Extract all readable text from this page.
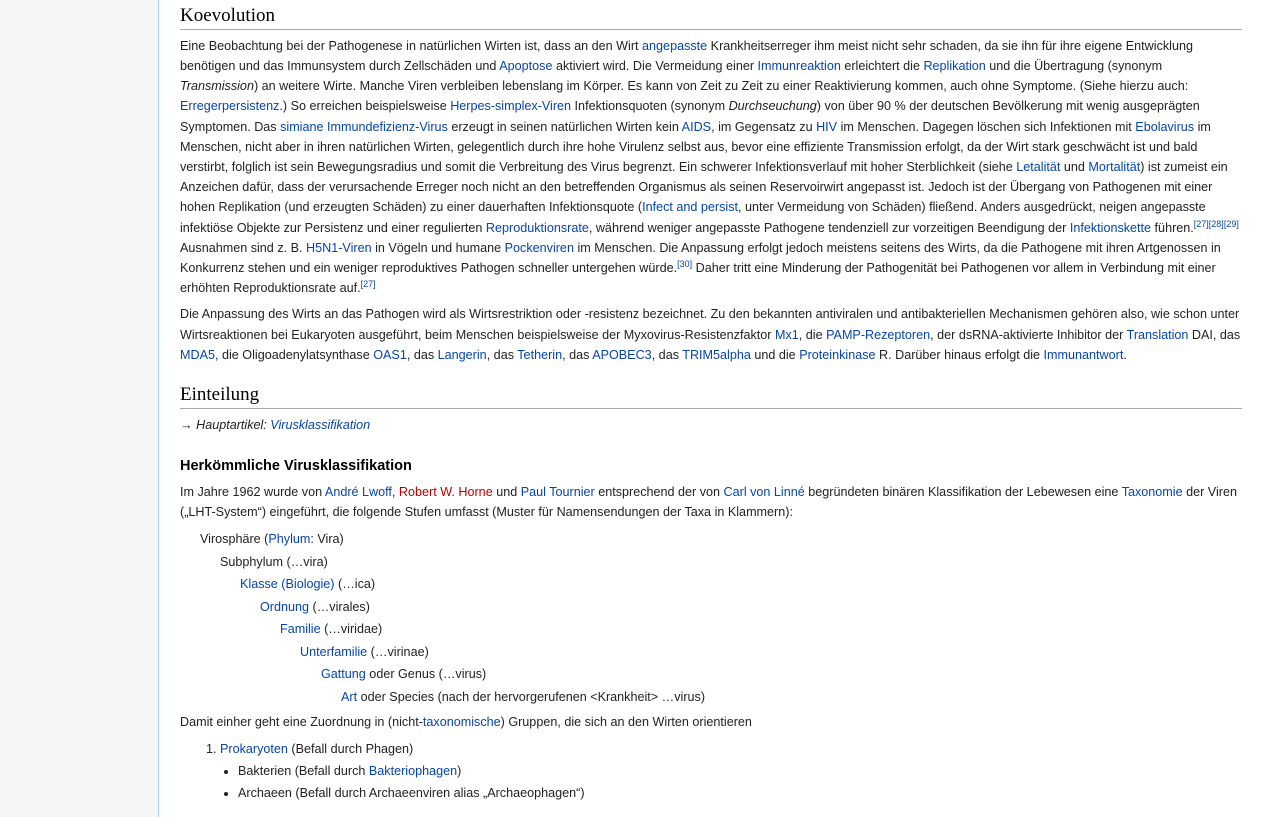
Koevolution

Eine Beobachtung bei der Pathogenese in natürlichen Wirten ist, dass an den Wirt angepasste Krankheitserreger ihm meist nicht sehr schaden, da sie ihn für ihre eigene Entwicklung benötigen und das Immunsystem durch Zellschäden und Apoptose aktiviert wird. Die Vermeidung einer Immunreaktion erleichtert die Replikation und die Übertragung (synonym Transmission) an weitere Wirte. Manche Viren verbleiben lebenslang im Körper. Es kann von Zeit zu Zeit zu einer Reaktivierung kommen, auch ohne Symptome. (Siehe hierzu auch: Erregerpersistenz.) So erreichen beispielsweise Herpes-simplex-Viren Infektionsquoten (synonym Durchseuchung) von über 90 % der deutschen Bevölkerung mit wenig ausgeprägten Symptomen. Das simiane Immundefizienz-Virus erzeugt in seinen natürlichen Wirten kein AIDS, im Gegensatz zu HIV im Menschen. Dagegen löschen sich Infektionen mit Ebolavirus im Menschen, nicht aber in ihren natürlichen Wirten, gelegentlich durch ihre hohe Virulenz selbst aus, bevor eine effiziente Transmission erfolgt, da der Wirt stark geschwächt ist und bald verstirbt, folglich ist sein Bewegungsradius und somit die Verbreitung des Virus begrenzt. Ein schwerer Infektionsverlauf mit hoher Sterblichkeit (siehe Letalität und Mortalität) ist zumeist ein Anzeichen dafür, dass der verursachende Erreger noch nicht an den betreffenden Organismus als seinen Reservoirwirt angepasst ist. Jedoch ist der Übergang von Pathogenen mit einer hohen Replikation (und erzeugten Schäden) zu einer dauerhaften Infektionsquote (Infect and persist, unter Vermeidung von Schäden) fließend. Anders ausgedrückt, neigen angepasste infektiöse Objekte zur Persistenz und einer regulierten Reproduktionsrate, während weniger angepasste Pathogene tendenziell zur vorzeitigen Beendigung der Infektionskette führen.[27][28][29] Ausnahmen sind z. B. H5N1-Viren in Vögeln und humane Pockenviren im Menschen. Die Anpassung erfolgt jedoch meistens seitens des Wirts, da die Pathogene mit ihren Artgenossen in Konkurrenz stehen und ein weniger reproduktives Pathogen schneller untergehen würde.[30] Daher tritt eine Minderung der Pathogenität bei Pathogenen vor allem in Verbindung mit einer erhöhten Reproduktionsrate auf.[27]

Die Anpassung des Wirts an das Pathogen wird als Wirtsrestriktion oder -resistenz bezeichnet. Zu den bekannten antiviralen und antibakteriellen Mechanismen gehören also, wie schon unter Wirtsreaktionen bei Eukaryoten ausgeführt, beim Menschen beispielsweise der Myxovirus-Resistenzfaktor Mx1, die PAMP-Rezeptoren, der dsRNA-aktivierte Inhibitor der Translation DAI, das MDA5, die Oligoadenylatsynthase OAS1, das Langerin, das Tetherin, das APOBEC3, das TRIM5alpha und die Proteinkinase R. Darüber hinaus erfolgt die Immunantwort.

Einteilung
→ Hauptartikel: Virusklassifikation
Herkömmliche Virusklassifikation

Im Jahre 1962 wurde von André Lwoff, Robert W. Horne und Paul Tournier entsprechend der von Carl von Linné begründeten binären Klassifikation der Lebewesen eine Taxonomie der Viren („LHT-System“) eingeführt, die folgende Stufen umfasst (Muster für Namensendungen der Taxa in Klammern):

Virosphäre (Phylum: Vira)
Subphylum (…vira)
Klasse (Biologie) (…ica)
Ordnung (…virales)
Familie (…viridae)
Unterfamilie (…virinae)
Gattung oder Genus (…virus)
Art oder Species (nach der hervorgerufenen <Krankheit> …virus)

Damit einher geht eine Zuordnung in (nicht-taxonomische) Gruppen, die sich an den Wirten orientieren

1. Prokaryoten (Befall durch Phagen)
• Bakterien (Befall durch Bakteriophagen)
• Archaeen (Befall durch Archaeenviren alias „Archaeophagen“)
